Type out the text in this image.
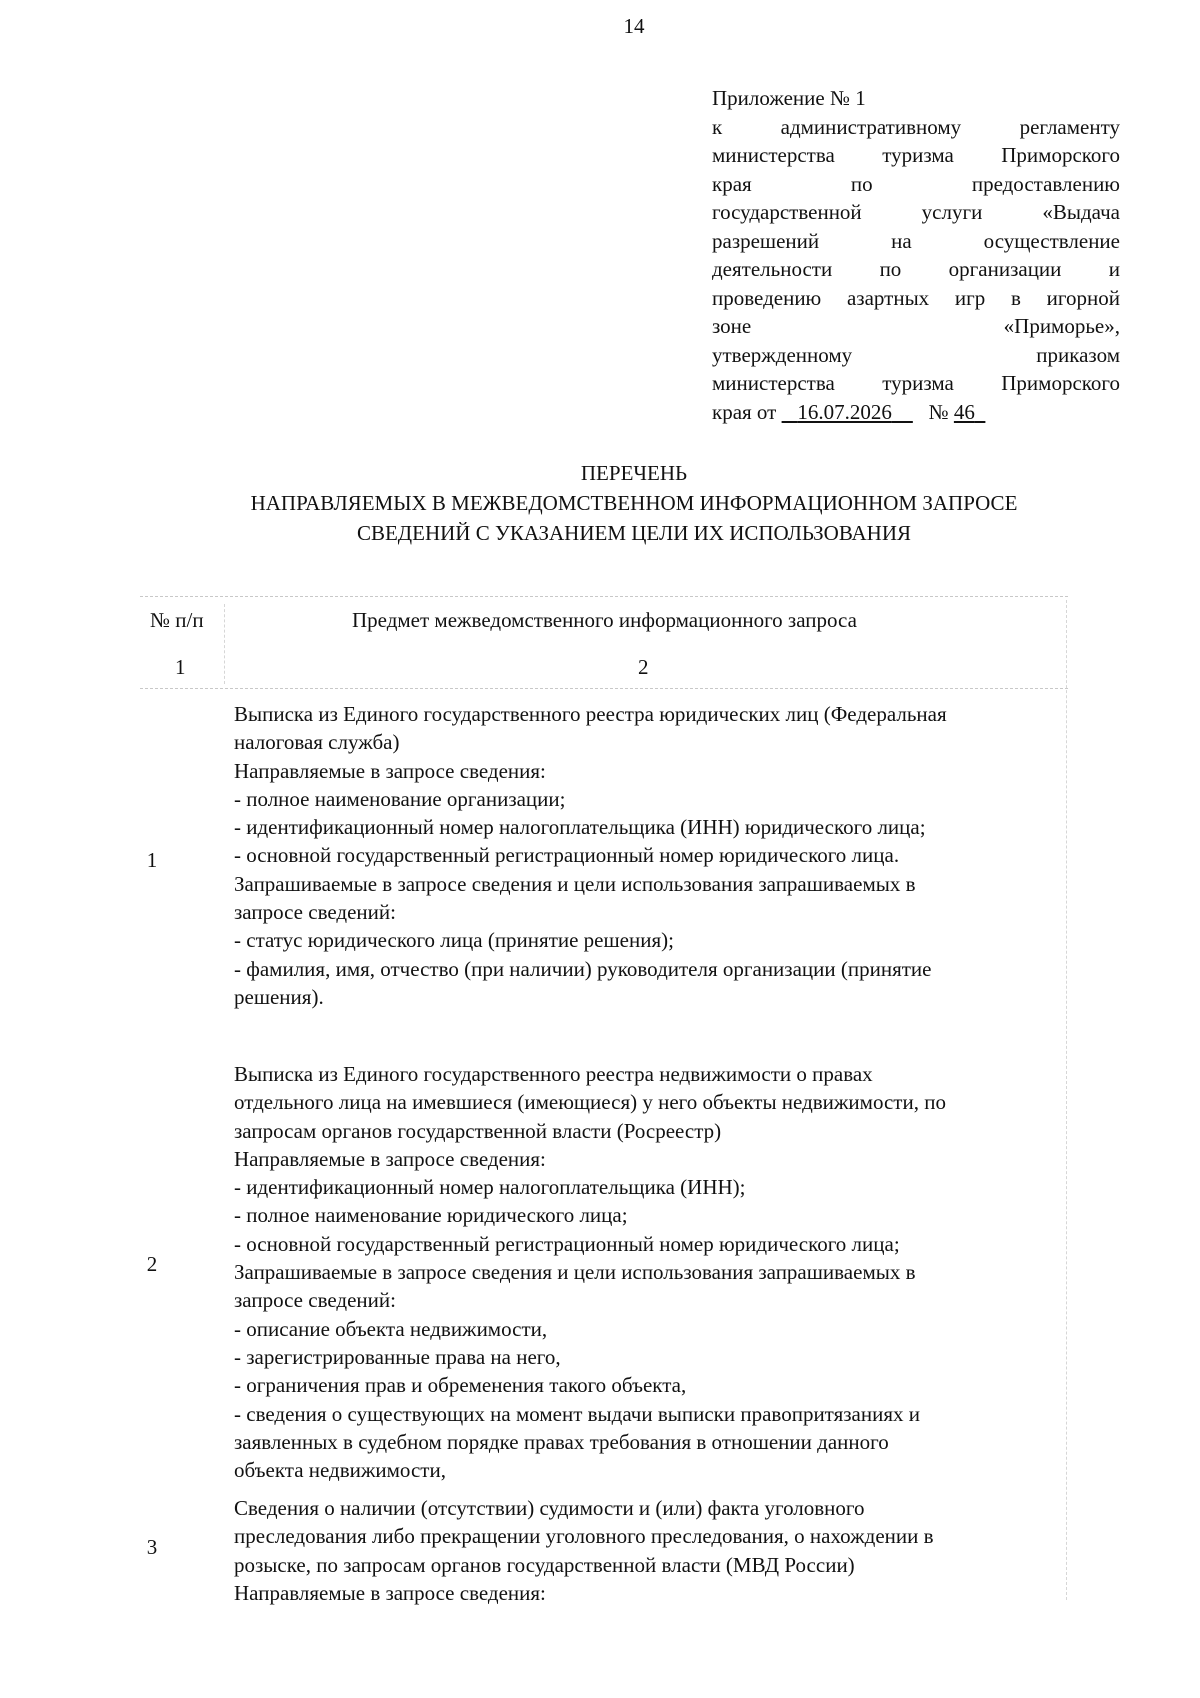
14
Приложение № 1
к административному регламенту
министерства туризма Приморского
края по предоставлению
государственной услуги «Выдача
разрешений на осуществление
деятельности по организации и
проведению азартных игр в игорной
зоне «Приморье»,
утвержденному приказом
министерства туризма Приморского
края от 16.07.2026 № 46
ПЕРЕЧЕНЬ
НАПРАВЛЯЕМЫХ В МЕЖВЕДОМСТВЕННОМ ИНФОРМАЦИОННОМ ЗАПРОСЕ
СВЕДЕНИЙ С УКАЗАНИЕМ ЦЕЛИ ИХ ИСПОЛЬЗОВАНИЯ
№ п/п	Предмет межведомственного информационного запроса
1	2
1
Выписка из Единого государственного реестра юридических лиц (Федеральная
налоговая служба)
Направляемые в запросе сведения:
- полное наименование организации;
- идентификационный номер налогоплательщика (ИНН) юридического лица;
- основной государственный регистрационный номер юридического лица.
Запрашиваемые в запросе сведения и цели использования запрашиваемых в
запросе сведений:
- статус юридического лица (принятие решения);
- фамилия, имя, отчество (при наличии) руководителя организации (принятие
решения).
2
Выписка из Единого государственного реестра недвижимости о правах
отдельного лица на имевшиеся (имеющиеся) у него объекты недвижимости, по
запросам органов государственной власти (Росреестр)
Направляемые в запросе сведения:
- идентификационный номер налогоплательщика (ИНН);
- полное наименование юридического лица;
- основной государственный регистрационный номер юридического лица;
Запрашиваемые в запросе сведения и цели использования запрашиваемых в
запросе сведений:
- описание объекта недвижимости,
- зарегистрированные права на него,
- ограничения прав и обременения такого объекта,
- сведения о существующих на момент выдачи выписки правопритязаниях и
заявленных в судебном порядке правах требования в отношении данного
объекта недвижимости,
3
Сведения о наличии (отсутствии) судимости и (или) факта уголовного
преследования либо прекращении уголовного преследования, о нахождении в
розыске, по запросам органов государственной власти (МВД России)
Направляемые в запросе сведения:
